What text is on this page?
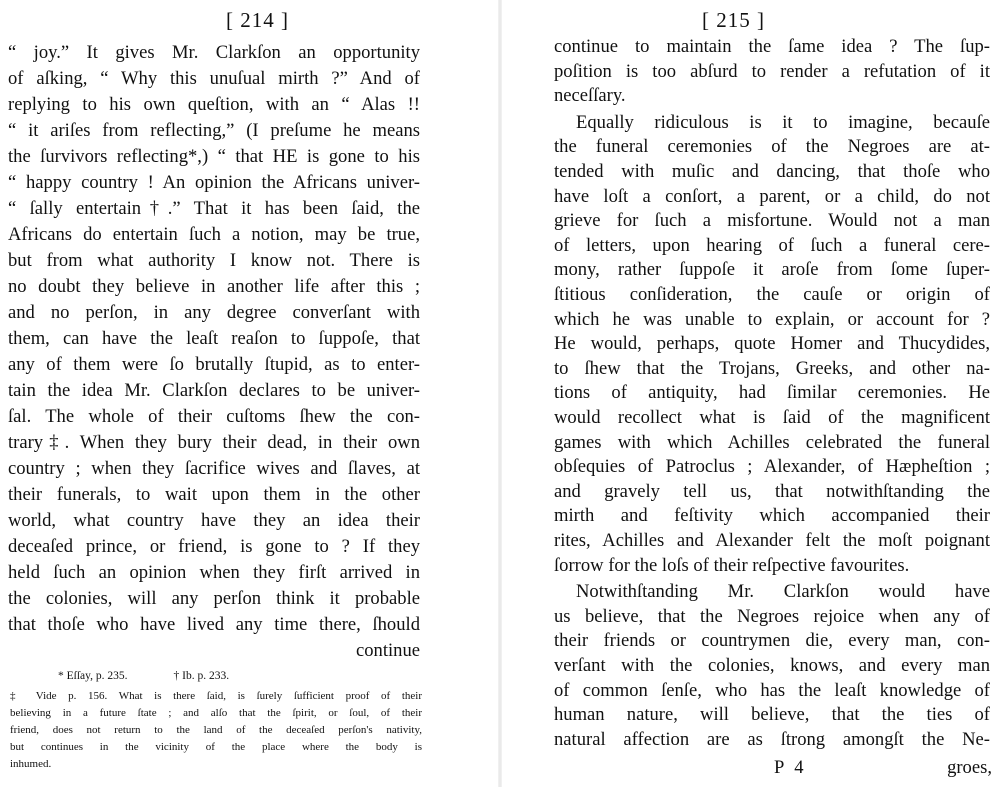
[ 214 ]
“ joy.” It gives Mr. Clarkſon an opportunity
of aſking, “ Why this unuſual mirth ?” And of
replying to his own queſtion, with an “ Alas !!
“ it ariſes from reflecting,” (I preſume he means
the ſurvivors reflecting*,) “ that HE is gone to his
“ happy country ! An opinion the Africans univer-
“ ſally entertain†.” That it has been ſaid, the
Africans do entertain ſuch a notion, may be true,
but from what authority I know not. There is
no doubt they believe in another life after this ;
and no perſon, in any degree converſant with
them, can have the leaſt reaſon to ſuppoſe, that
any of them were ſo brutally ſtupid, as to enter-
tain the idea Mr. Clarkſon declares to be univer-
ſal. The whole of their cuſtoms ſhew the con-
trary‡. When they bury their dead, in their own
country ; when they ſacrifice wives and ſlaves, at
their funerals, to wait upon them in the other
world, what country have they an idea their
deceaſed prince, or friend, is gone to ? If they
held ſuch an opinion when they firſt arrived in
the colonies, will any perſon think it probable
that thoſe who have lived any time there, ſhould
continue
* Eſſay, p. 235.	† Ib. p. 233.
‡ Vide p. 156. What is there ſaid, is ſurely ſufficient proof of their
believing in a future ſtate ; and alſo that the ſpirit, or ſoul, of their
friend, does not return to the land of the deceaſed perſon's nativity,
but continues in the vicinity of the place where the body is
inhumed.
[ 215 ]
continue to maintain the ſame idea ? The ſup-
poſition is too abſurd to render a refutation of it
neceſſary.
Equally ridiculous is it to imagine, becauſe
the funeral ceremonies of the Negroes are at-
tended with muſic and dancing, that thoſe who
have loſt a conſort, a parent, or a child, do not
grieve for ſuch a misfortune. Would not a man
of letters, upon hearing of ſuch a funeral cere-
mony, rather ſuppoſe it aroſe from ſome ſuper-
ſtitious conſideration, the cauſe or origin of
which he was unable to explain, or account for ?
He would, perhaps, quote Homer and Thucydides,
to ſhew that the Trojans, Greeks, and other na-
tions of antiquity, had ſimilar ceremonies. He
would recollect what is ſaid of the magnificent
games with which Achilles celebrated the funeral
obſequies of Patroclus ; Alexander, of Hæpheſtion ;
and gravely tell us, that notwithſtanding the
mirth and feſtivity which accompanied their
rites, Achilles and Alexander felt the moſt poignant
ſorrow for the loſs of their reſpective favourites.
Notwithſtanding Mr. Clarkſon would have
us believe, that the Negroes rejoice when any of
their friends or countrymen die, every man, con-
verſant with the colonies, knows, and every man
of common ſenſe, who has the leaſt knowledge of
human nature, will believe, that the ties of
P 4	groes,
natural affection are as ſtrong amongſt the Ne-
